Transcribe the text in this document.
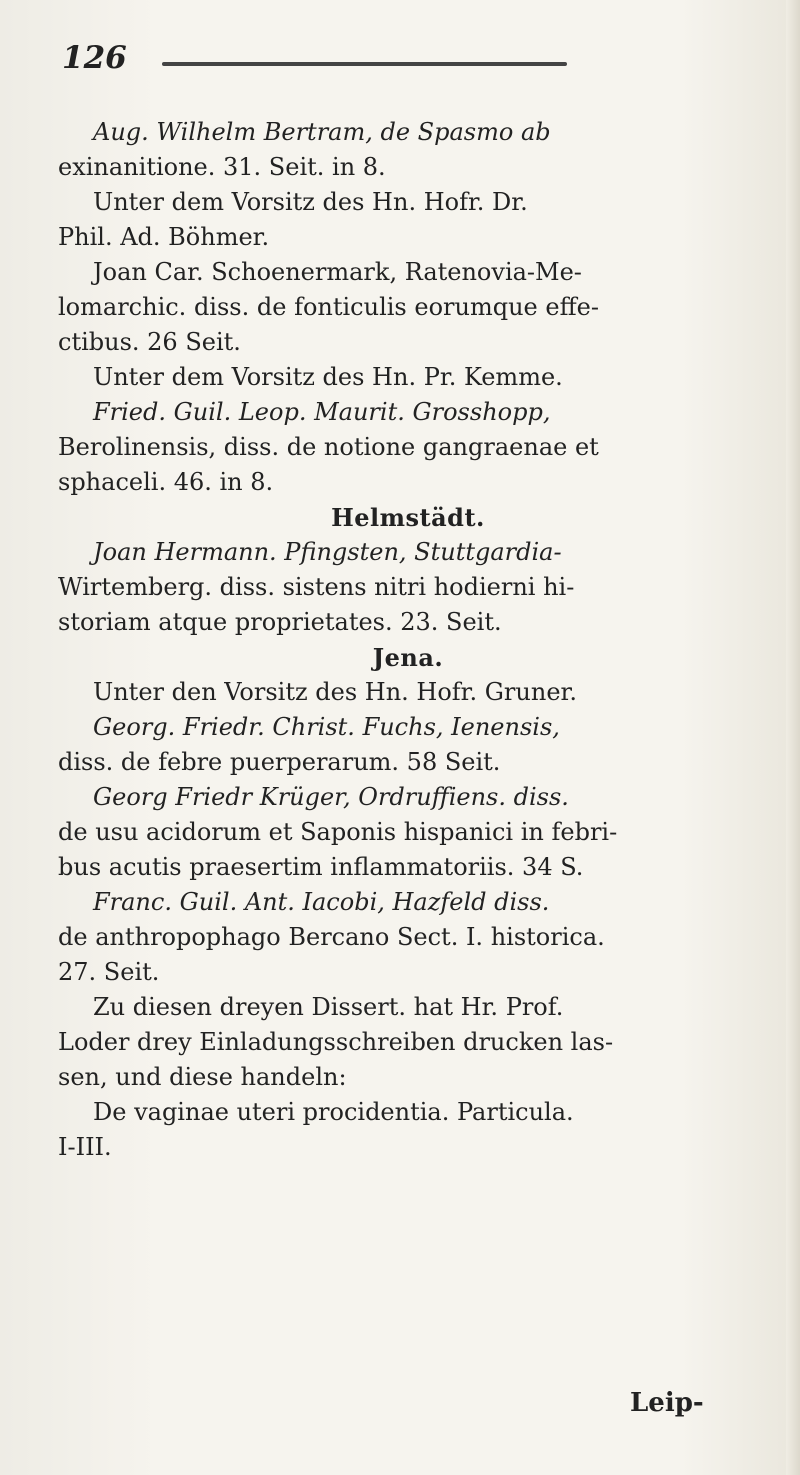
126
Aug. Wilhelm Bertram, de Spasmo ab
exinanitione. 31. Seit. in 8.
Unter dem Vorsitz des Hn. Hofr. Dr.
Phil. Ad. Böhmer.
Joan Car. Schoenermark, Ratenovia-Me-
lomarchic. diss. de fonticulis eorumque effe-
ctibus. 26 Seit.
Unter dem Vorsitz des Hn. Pr. Kemme.
Fried. Guil. Leop. Maurit. Grosshopp,
Berolinensis, diss. de notione gangraenae et
sphaceli. 46. in 8.
Helmstädt.
Joan Hermann. Pfingsten, Stuttgardia-
Wirtemberg. diss. sistens nitri hodierni hi-
storiam atque proprietates. 23. Seit.
Jena.
Unter den Vorsitz des Hn. Hofr. Gruner.
Georg. Friedr. Christ. Fuchs, Ienensis,
diss. de febre puerperarum. 58 Seit.
Georg Friedr Krüger, Ordruffiens. diss.
de usu acidorum et Saponis hispanici in febri-
bus acutis praesertim inflammatoriis. 34 S.
Franc. Guil. Ant. Iacobi, Hazfeld diss.
de anthropophago Bercano Sect. I. historica.
27. Seit.
Zu diesen dreyen Dissert. hat Hr. Prof.
Loder drey Einladungsschreiben drucken las-
sen, und diese handeln:
De vaginae uteri procidentia. Particula.
I-III.
Leip-
